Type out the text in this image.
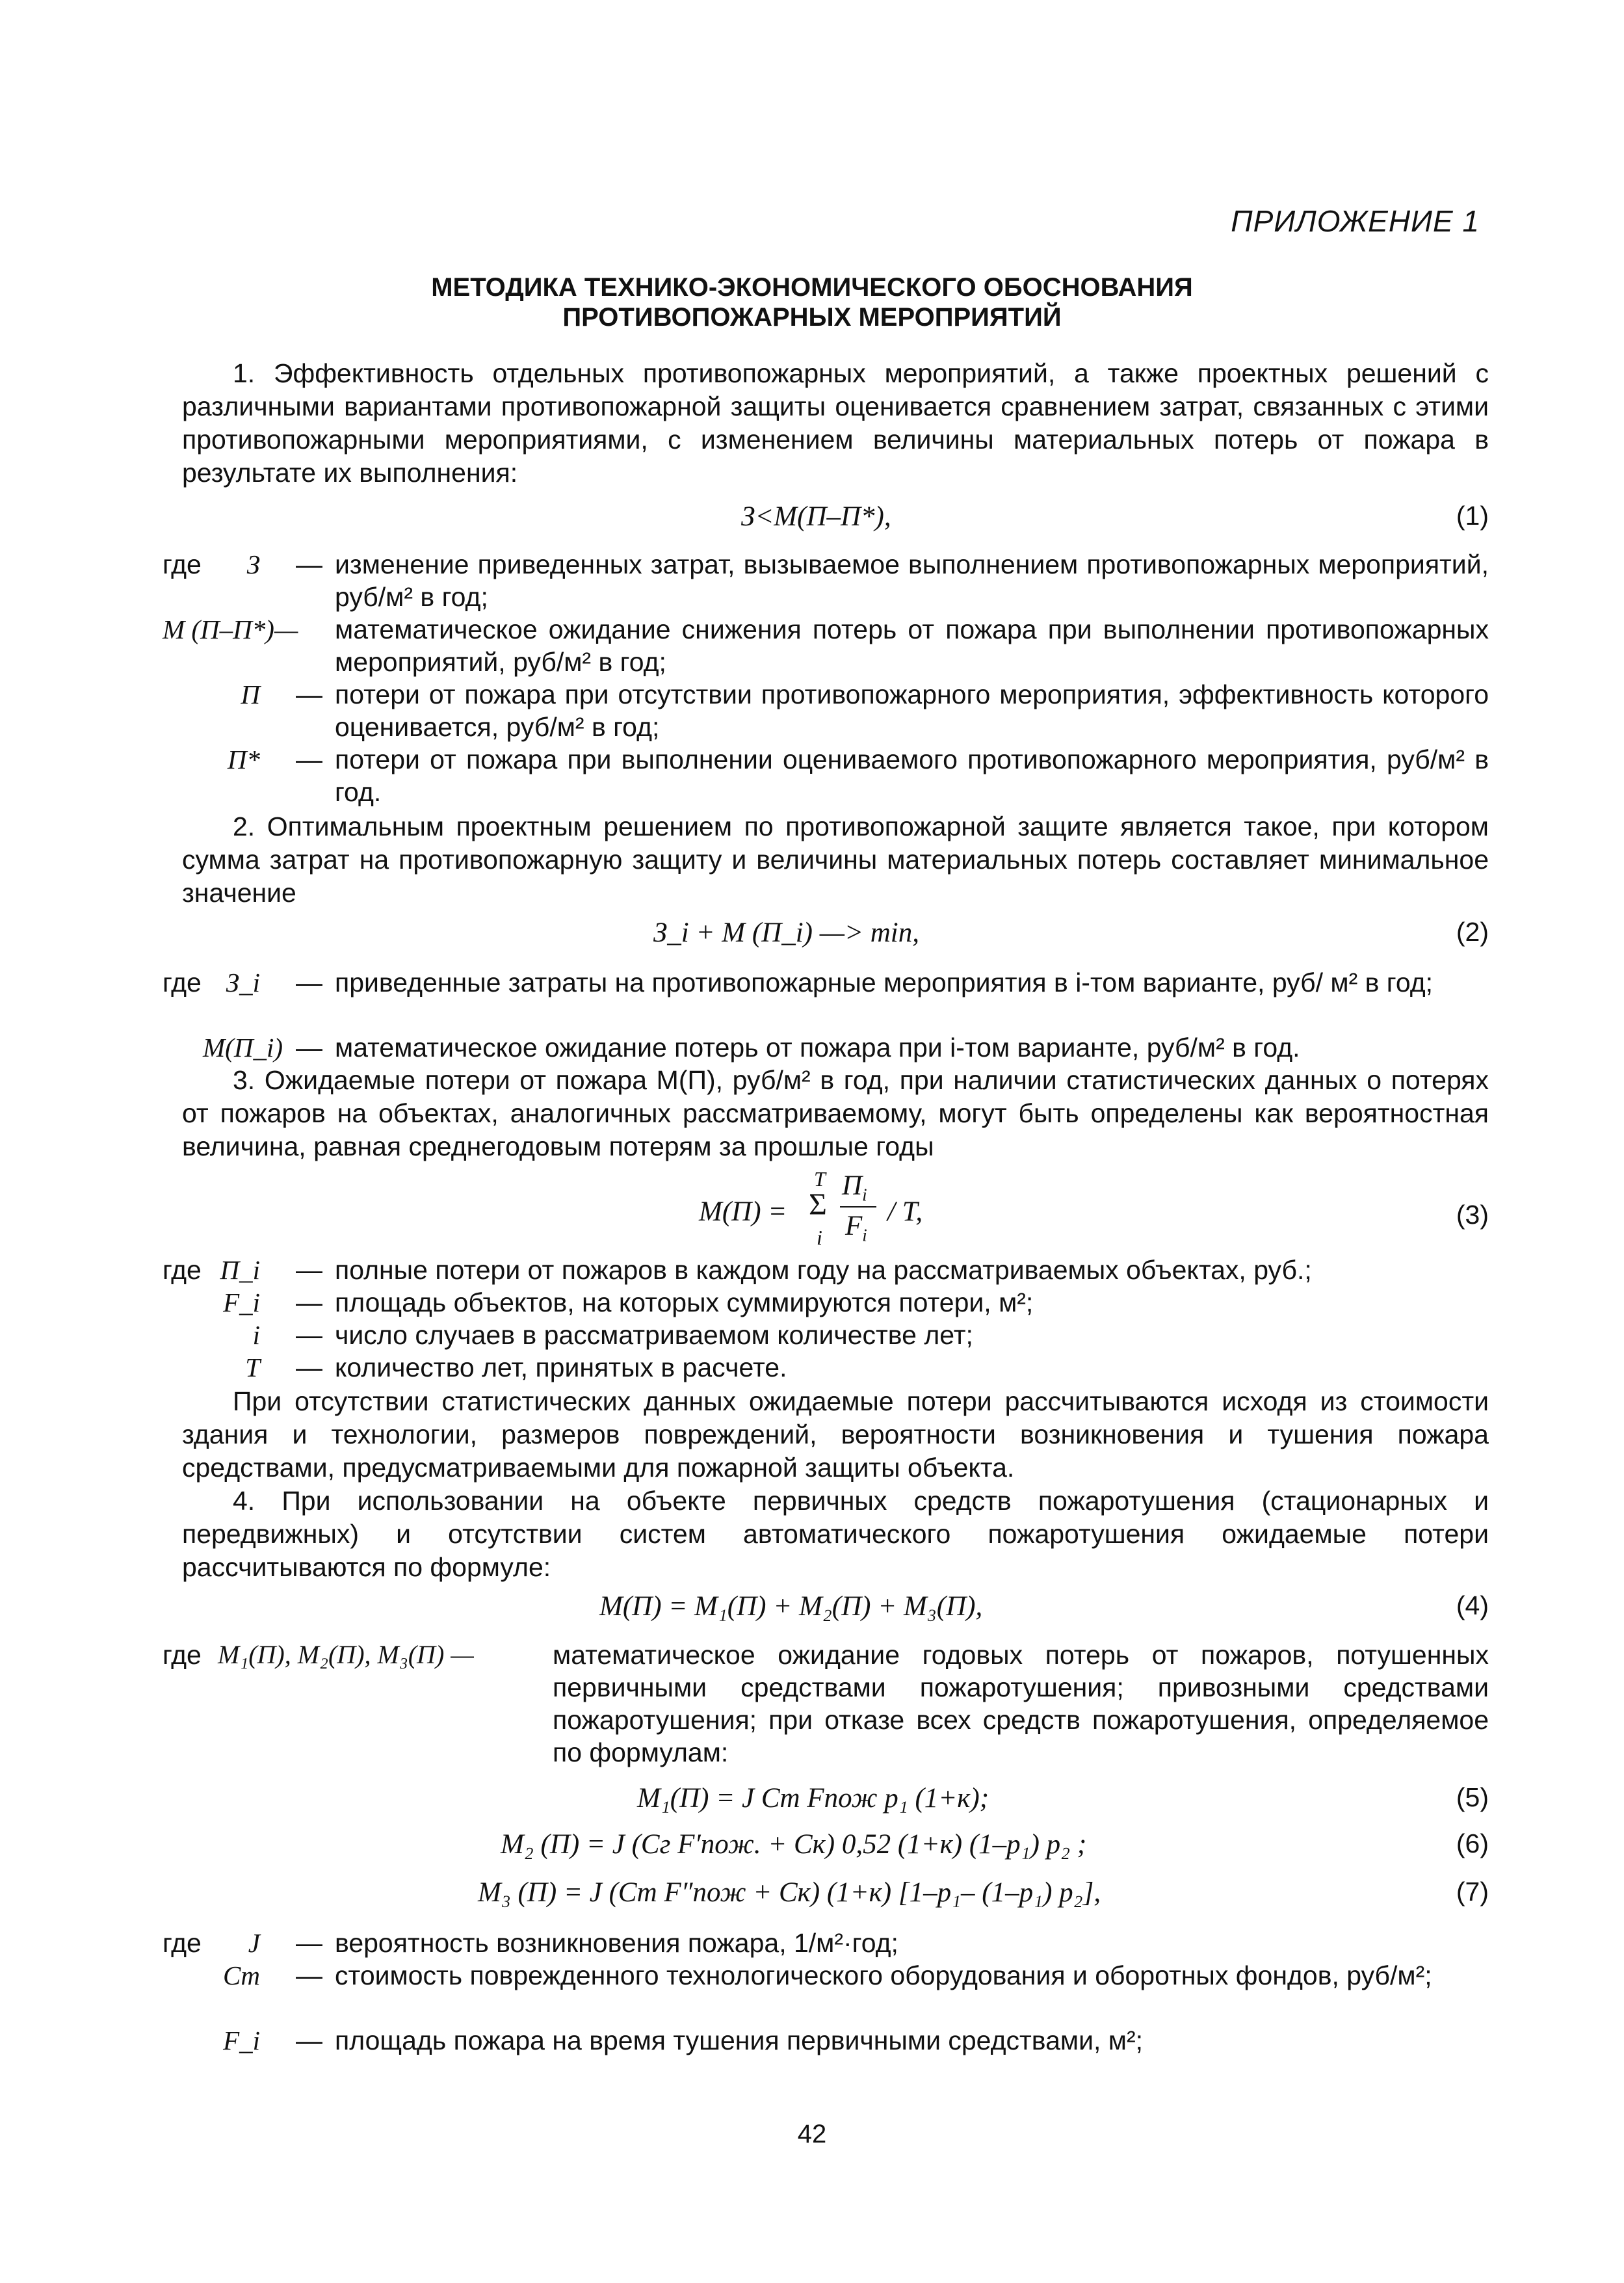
ПРИЛОЖЕНИЕ 1
МЕТОДИКА ТЕХНИКО-ЭКОНОМИЧЕСКОГО ОБОСНОВАНИЯ
ПРОТИВОПОЖАРНЫХ МЕРОПРИЯТИЙ
1. Эффективность отдельных противопожарных мероприятий, а также проектных решений с различными вариантами противопожарной защиты оценивается сравнением затрат, связанных с этими противопожарными мероприятиями, с изменением величины материальных потерь от пожара в результате их выполнения:
З<М(П–П*),	(1)
где	З — изменение приведенных затрат, вызываемое выполнением противопожарных мероприятий, руб/м² в год;
М (П–П*)—	математическое ожидание снижения потерь от пожара при выполнении противопожарных мероприятий, руб/м² в год;
П — потери от пожара при отсутствии противопожарного мероприятия, эффективность которого оценивается, руб/м² в год;
П* — потери от пожара при выполнении оцениваемого противопожарного мероприятия, руб/м² в год.
2. Оптимальным проектным решением по противопожарной защите является такое, при котором сумма затрат на противопожарную защиту и величины материальных потерь составляет минимальное значение
З_i + М (П_i) —> min,	(2)
где З_i — приведенные затраты на противопожарные мероприятия в i-том варианте, руб/ м² в год;
М(П_i) — математическое ожидание потерь от пожара при i-том варианте, руб/м² в год.
3. Ожидаемые потери от пожара М(П), руб/м² в год, при наличии статистических данных о потерях от пожаров на объектах, аналогичных рассматриваемому, могут быть определены как вероятностная величина, равная среднегодовым потерям за прошлые годы
М(П) =
T
Σ
i
$П_i$
$F_i$
/ T,	(3)
где П_i — полные потери от пожаров в каждом году на рассматриваемых объектах, руб.;
F_i — площадь объектов, на которых суммируются потери, м²;
i — число случаев в рассматриваемом количестве лет;
T — количество лет, принятых в расчете.
При отсутствии статистических данных ожидаемые потери рассчитываются исходя из стоимости здания и технологии, размеров повреждений, вероятности возникновения и тушения пожара средствами, предусматриваемыми для пожарной защиты объекта.
4. При использовании на объекте первичных средств пожаротушения (стационарных и передвижных) и отсутствии систем автоматического пожаротушения ожидаемые потери рассчитываются по формуле:
М(П) = М₁(П) + М₂(П) + М₃(П),	(4)
где М₁(П), М₂(П), М₃(П) —	математическое ожидание годовых потерь от пожаров, потушенных первичными средствами пожаротушения; привозными средствами пожаротушения; при отказе всех средств пожаротушения, определяемое по формулам:
М₁(П) = J Cт Fпож p₁ (1+к);	(5)
М₂ (П) = J (Cг F′пож. + Cк) 0,52 (1+к) (1–p₁) p₂ ;	(6)
М₃ (П) = J (Cт F″пож + Cк) (1+к) [1–p₁– (1–p₁) p₂],	(7)
где	J — вероятность возникновения пожара, 1/м²·год;
Cт — стоимость поврежденного технологического оборудования и оборотных фондов, руб/м²;
F_i — площадь пожара на время тушения первичными средствами, м²;
42
